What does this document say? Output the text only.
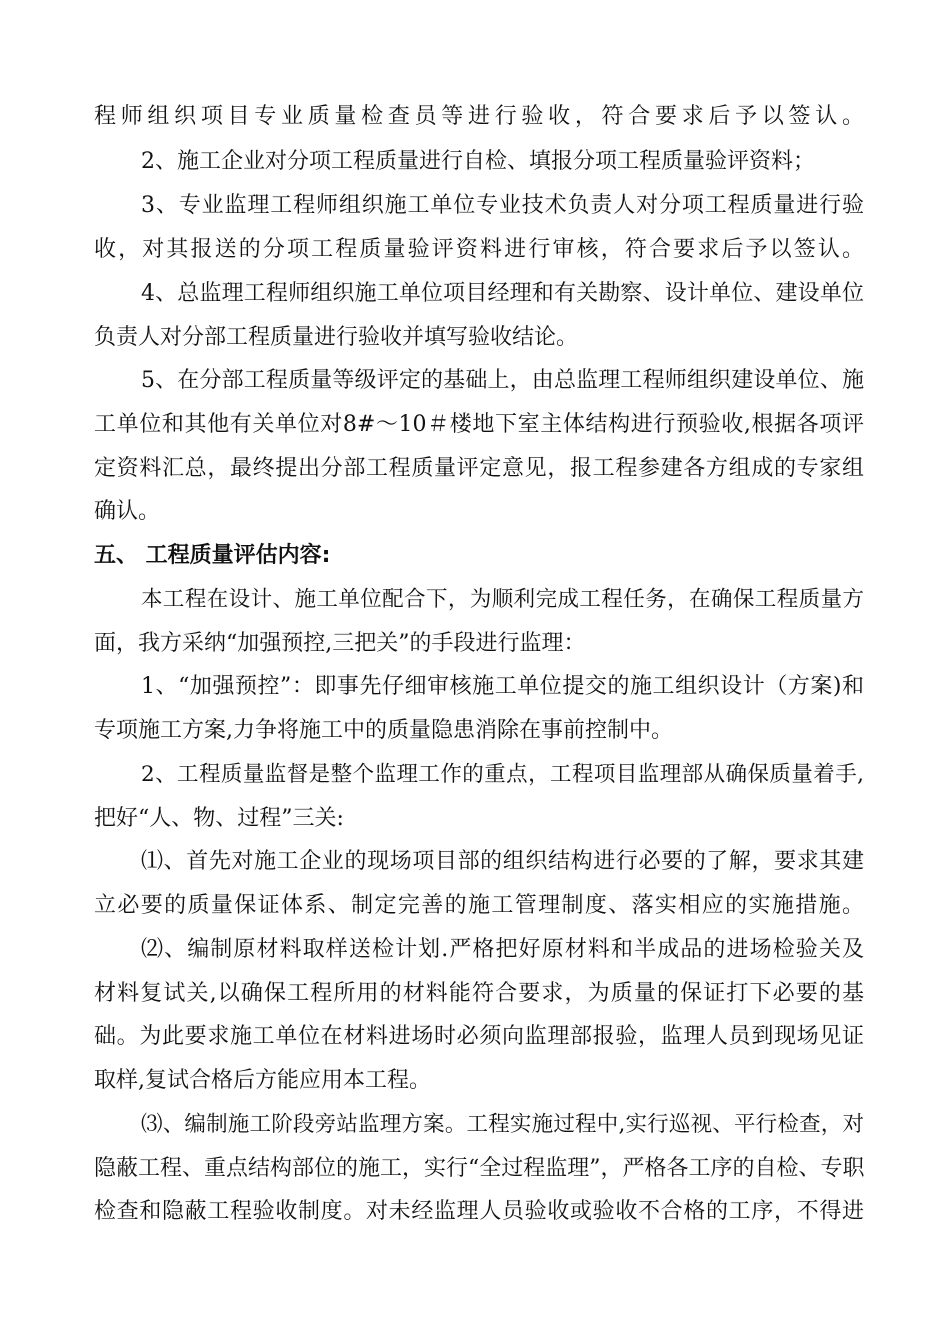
程师组织项目专业质量检查员等进行验收，符合要求后予以签认。
2、施工企业对分项工程质量进行自检、填报分项工程质量验评资料；
3、专业监理工程师组织施工单位专业技术负责人对分项工程质量进行验
收，对其报送的分项工程质量验评资料进行审核，符合要求后予以签认。
4、总监理工程师组织施工单位项目经理和有关勘察、设计单位、建设单位
负责人对分部工程质量进行验收并填写验收结论。
5、在分部工程质量等级评定的基础上，由总监理工程师组织建设单位、施
工单位和其他有关单位对8#～10＃楼地下室主体结构进行预验收,根据各项评
定资料汇总，最终提出分部工程质量评定意见，报工程参建各方组成的专家组
确认。
五、 工程质量评估内容:
本工程在设计、施工单位配合下，为顺利完成工程任务，在确保工程质量方
面，我方采纳“加强预控,三把关”的手段进行监理：
1、“加强预控”：即事先仔细审核施工单位提交的施工组织设计（方案)和
专项施工方案,力争将施工中的质量隐患消除在事前控制中。
2、工程质量监督是整个监理工作的重点，工程项目监理部从确保质量着手,
把好“人、物、过程”三关:
⑴、首先对施工企业的现场项目部的组织结构进行必要的了解，要求其建
立必要的质量保证体系、制定完善的施工管理制度、落实相应的实施措施。
⑵、编制原材料取样送检计划.严格把好原材料和半成品的进场检验关及
材料复试关,以确保工程所用的材料能符合要求，为质量的保证打下必要的基
础。为此要求施工单位在材料进场时必须向监理部报验，监理人员到现场见证
取样,复试合格后方能应用本工程。
⑶、编制施工阶段旁站监理方案。工程实施过程中,实行巡视、平行检查，对
隐蔽工程、重点结构部位的施工，实行“全过程监理”，严格各工序的自检、专职
检查和隐蔽工程验收制度。对未经监理人员验收或验收不合格的工序，不得进
